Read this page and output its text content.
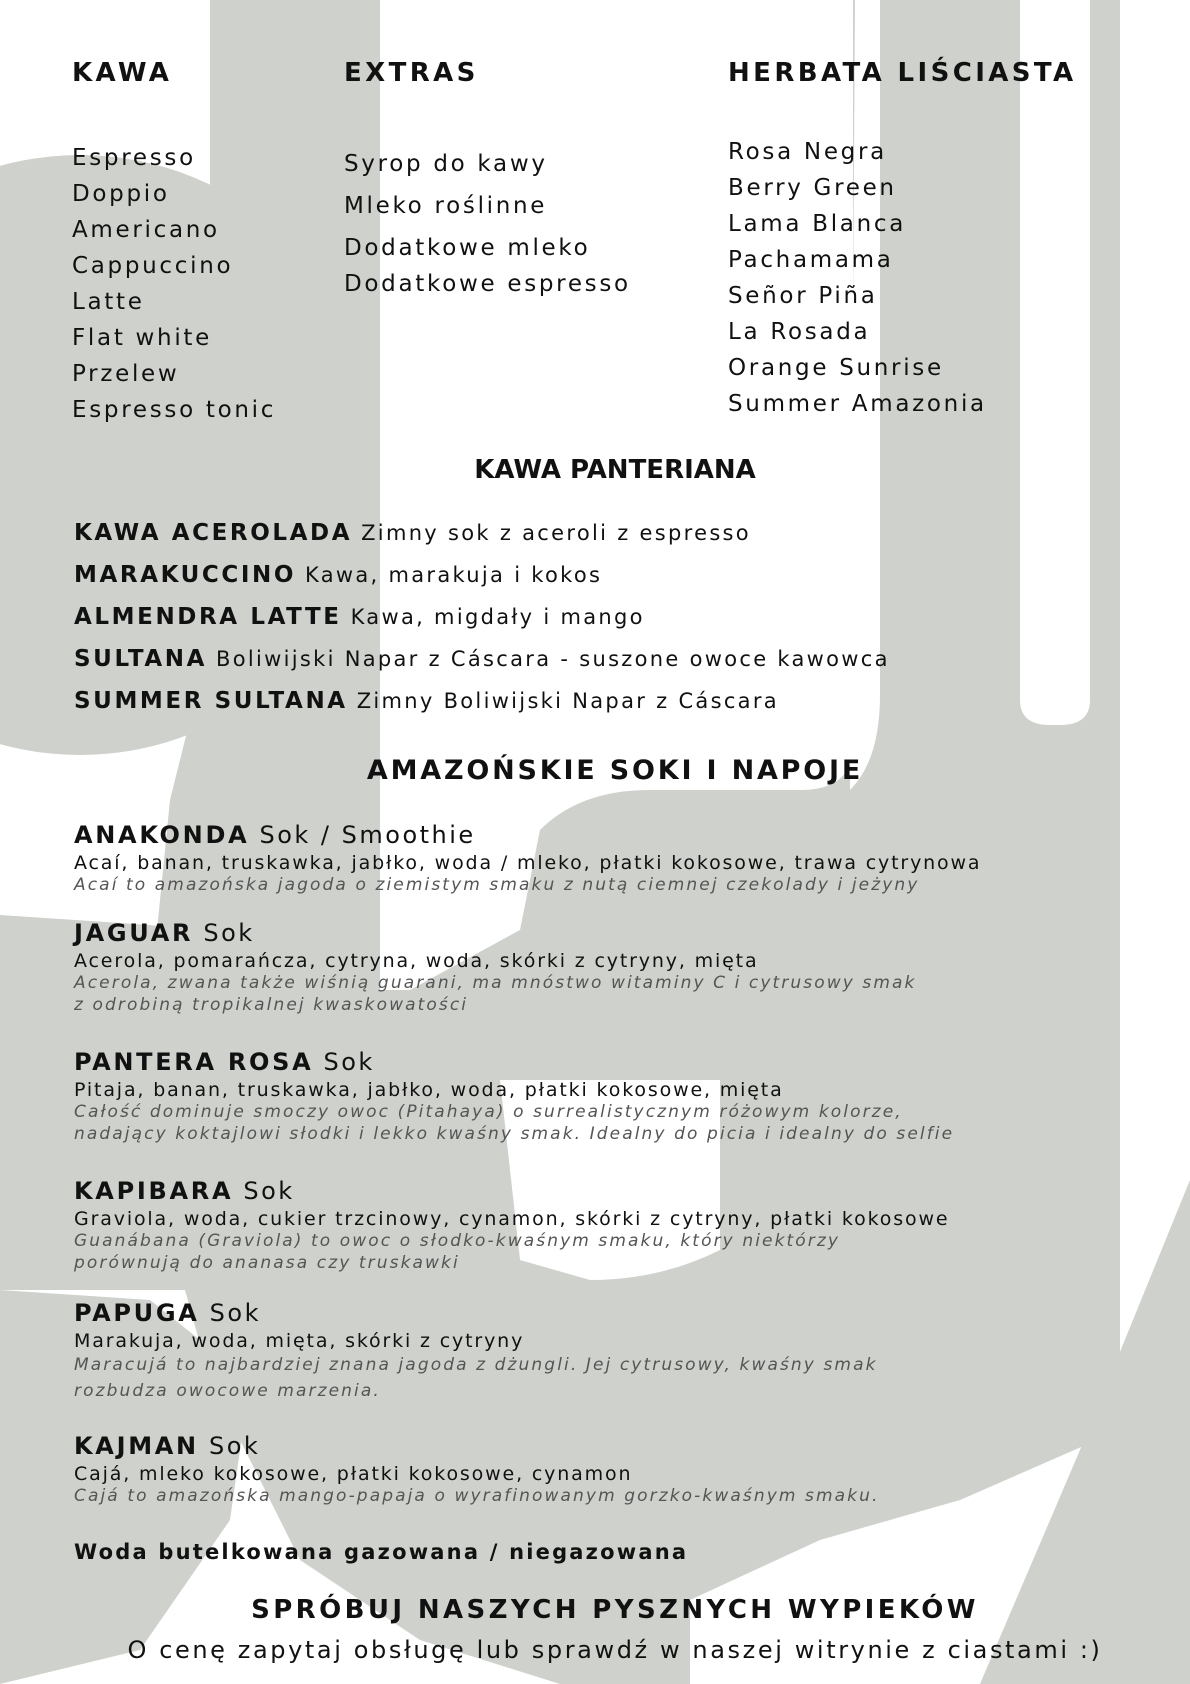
KAWA
Espresso
Doppio
Americano
Cappuccino
Latte
Flat white
Przelew
Espresso tonic
EXTRAS
Syrop do kawy
Mleko roślinne
Dodatkowe mleko
Dodatkowe espresso
HERBATA LIŚCIASTA
Rosa Negra
Berry Green
Lama Blanca
Pachamama
Señor Piña
La Rosada
Orange Sunrise
Summer Amazonia
KAWA PANTERIANA
KAWA ACEROLADA Zimny sok z aceroli z espresso
MARAKUCCINO Kawa, marakuja i kokos
ALMENDRA LATTE Kawa, migdały i mango
SULTANA Boliwijski Napar z Cáscara - suszone owoce kawowca
SUMMER SULTANA Zimny Boliwijski Napar z Cáscara
AMAZOŃSKIE SOKI I NAPOJE
ANAKONDA Sok / Smoothie
Acaí, banan, truskawka, jabłko, woda / mleko, płatki kokosowe, trawa cytrynowa
Acaí to amazońska jagoda o ziemistym smaku z nutą ciemnej czekolady i jeżyny
JAGUAR Sok
Acerola, pomarańcza, cytryna, woda, skórki z cytryny, mięta
Acerola, zwana także wiśnią guarani, ma mnóstwo witaminy C i cytrusowy smak
z odrobiną tropikalnej kwaskowatości
PANTERA ROSA Sok
Pitaja, banan, truskawka, jabłko, woda, płatki kokosowe, mięta
Całość dominuje smoczy owoc (Pitahaya) o surrealistycznym różowym kolorze,
nadający koktajlowi słodki i lekko kwaśny smak. Idealny do picia i idealny do selfie
KAPIBARA Sok
Graviola, woda, cukier trzcinowy, cynamon, skórki z cytryny, płatki kokosowe
Guanábana (Graviola) to owoc o słodko-kwaśnym smaku, który niektórzy
porównują do ananasa czy truskawki
PAPUGA Sok
Marakuja, woda, mięta, skórki z cytryny
Maracujá to najbardziej znana jagoda z dżungli. Jej cytrusowy, kwaśny smak
rozbudza owocowe marzenia.
KAJMAN Sok
Cajá, mleko kokosowe, płatki kokosowe, cynamon
Cajá to amazońska mango-papaja o wyrafinowanym gorzko-kwaśnym smaku.

Woda butelkowana gazowana / niegazowana

SPRÓBUJ NASZYCH PYSZNYCH WYPIEKÓW

O cenę zapytaj obsługę lub sprawdź w naszej witrynie z ciastami :)
